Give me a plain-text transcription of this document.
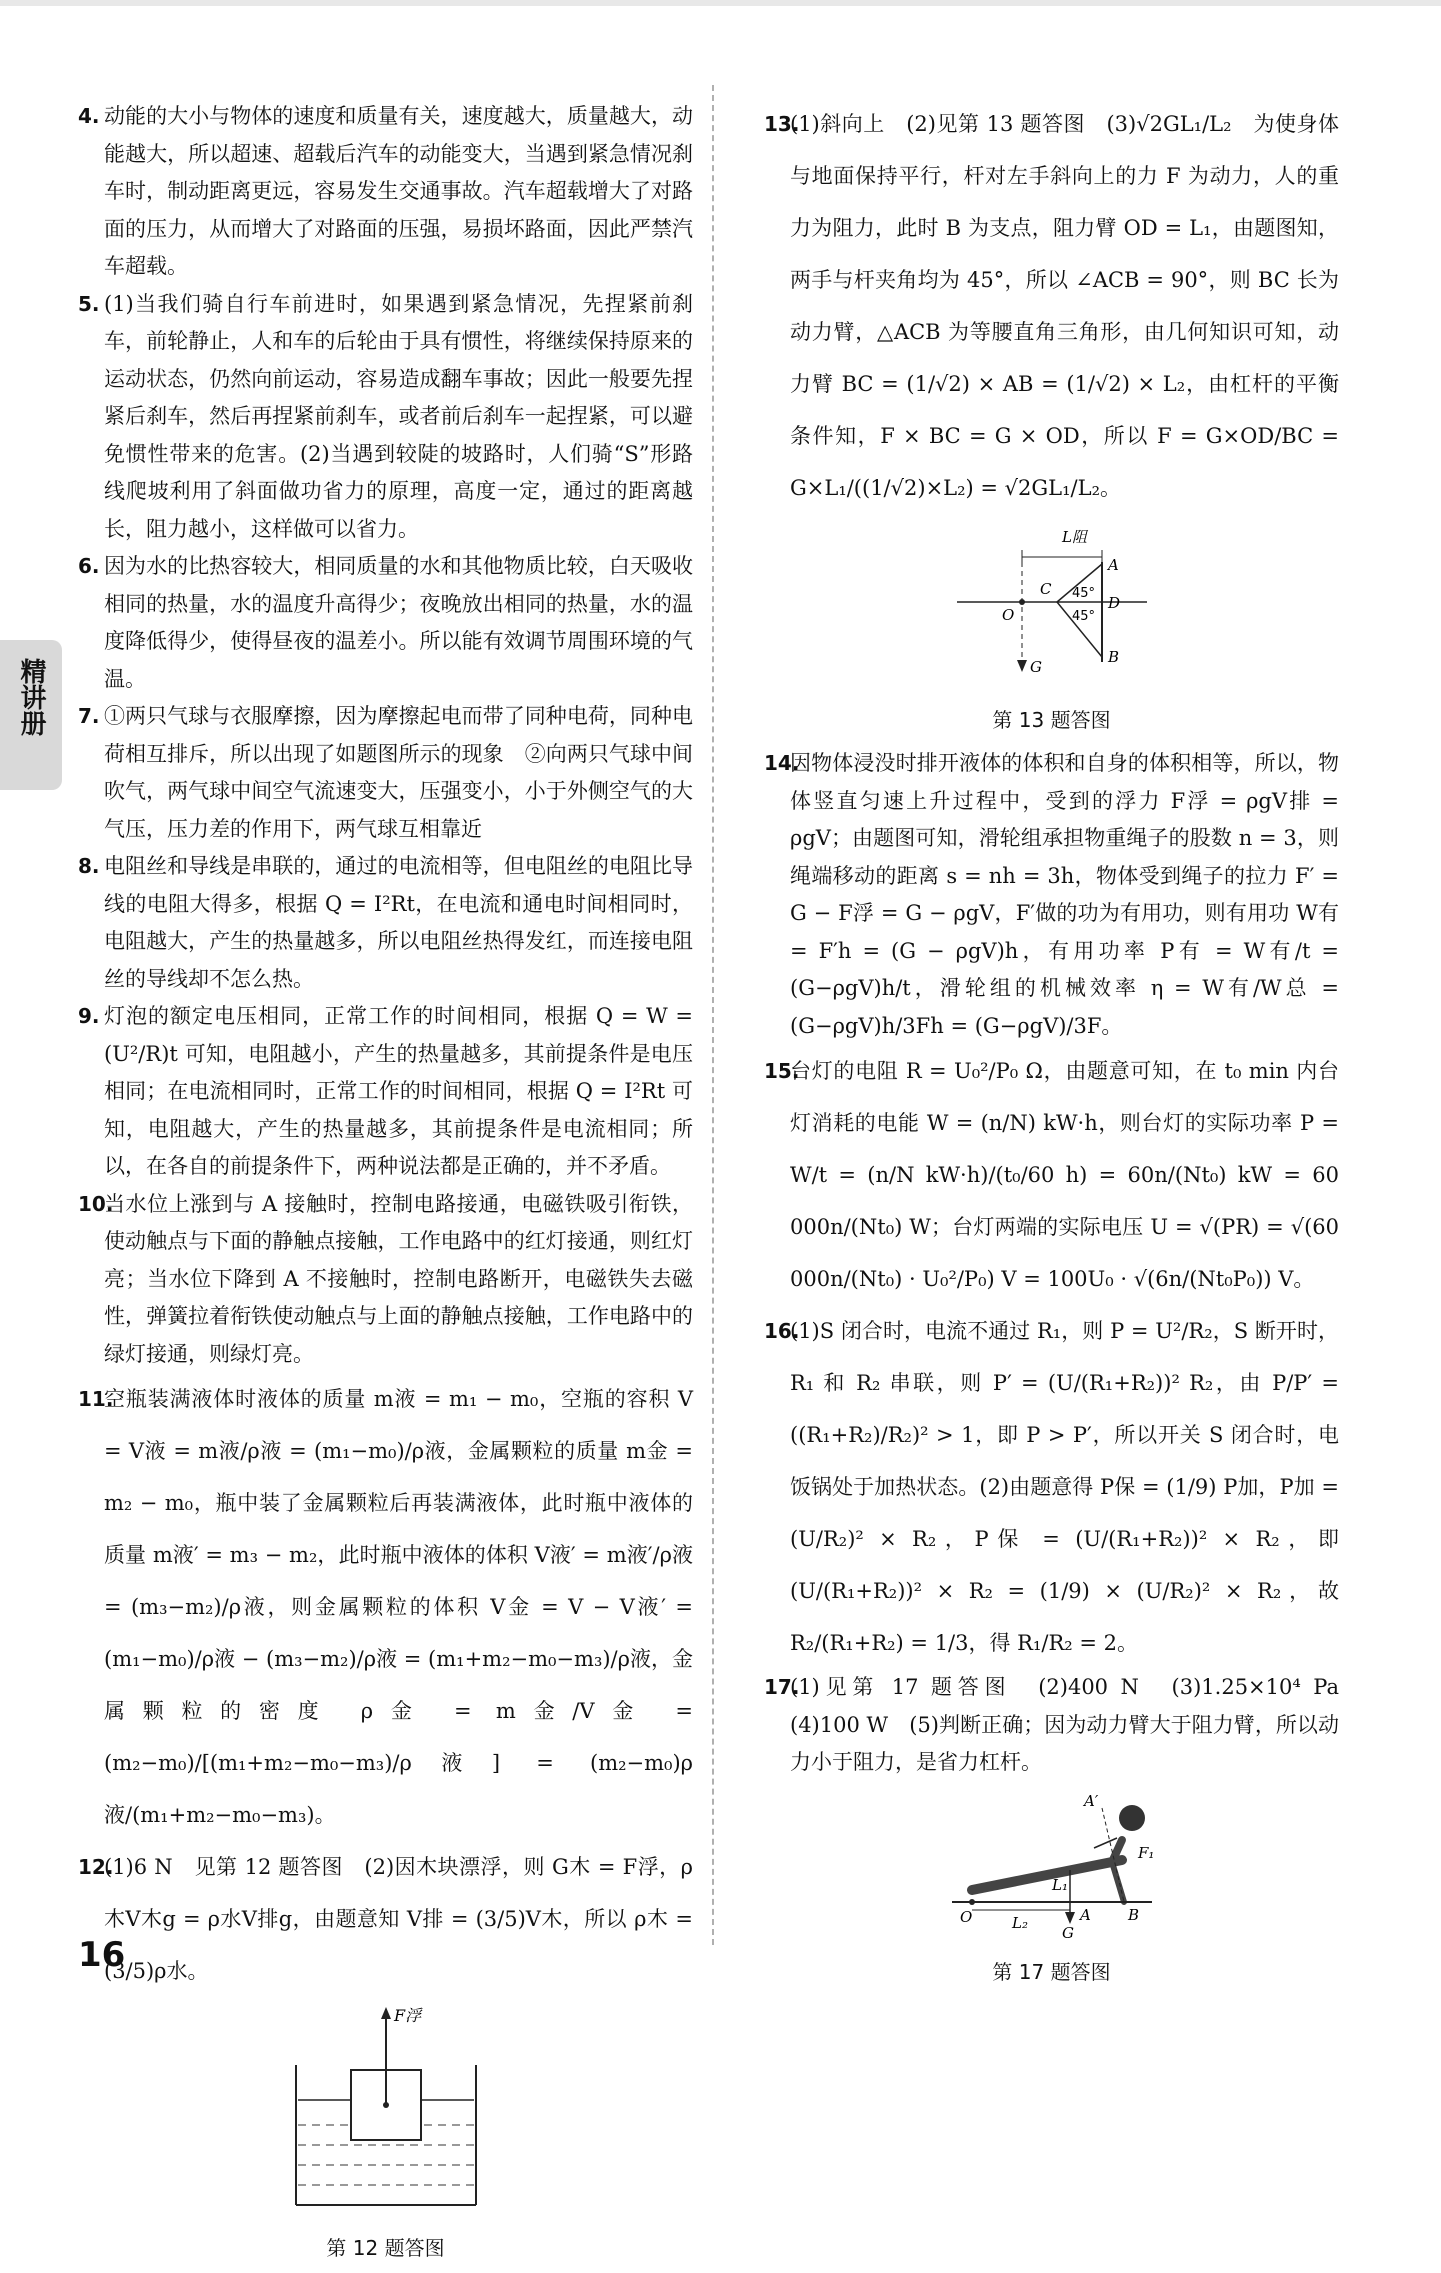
精讲册

4. 动能的大小与物体的速度和质量有关，速度越大，质量越大，动能越大，所以超速、超载后汽车的动能变大，当遇到紧急情况刹车时，制动距离更远，容易发生交通事故。汽车超载增大了对路面的压力，从而增大了对路面的压强，易损坏路面，因此严禁汽车超载。

5. (1)当我们骑自行车前进时，如果遇到紧急情况，先捏紧前刹车，前轮静止，人和车的后轮由于具有惯性，将继续保持原来的运动状态，仍然向前运动，容易造成翻车事故；因此一般要先捏紧后刹车，然后再捏紧前刹车，或者前后刹车一起捏紧，可以避免惯性带来的危害。(2)当遇到较陡的坡路时，人们骑“S”形路线爬坡利用了斜面做功省力的原理，高度一定，通过的距离越长，阻力越小，这样做可以省力。

6. 因为水的比热容较大，相同质量的水和其他物质比较，白天吸收相同的热量，水的温度升高得少；夜晚放出相同的热量，水的温度降低得少，使得昼夜的温差小。所以能有效调节周围环境的气温。

7. ①两只气球与衣服摩擦，因为摩擦起电而带了同种电荷，同种电荷相互排斥，所以出现了如题图所示的现象　②向两只气球中间吹气，两气球中间空气流速变大，压强变小，小于外侧空气的大气压，压力差的作用下，两气球互相靠近

8. 电阻丝和导线是串联的，通过的电流相等，但电阻丝的电阻比导线的电阻大得多，根据 Q = I²Rt，在电流和通电时间相同时，电阻越大，产生的热量越多，所以电阻丝热得发红，而连接电阻丝的导线却不怎么热。

9. 灯泡的额定电压相同，正常工作的时间相同，根据 Q = W = (U²/R)t 可知，电阻越小，产生的热量越多，其前提条件是电压相同；在电流相同时，正常工作的时间相同，根据 Q = I²Rt 可知，电阻越大，产生的热量越多，其前提条件是电流相同；所以，在各自的前提条件下，两种说法都是正确的，并不矛盾。

10.
当水位上涨到与 A 接触时，控制电路接通，电磁铁吸引衔铁，使动触点与下面的静触点接触，工作电路中的红灯接通，则红灯亮；当水位下降到 A 不接触时，控制电路断开，电磁铁失去磁性，弹簧拉着衔铁使动触点与上面的静触点接触，工作电路中的绿灯接通，则绿灯亮。

11.
空瓶装满液体时液体的质量 m液 = m₁ − m₀，空瓶的容积 V = V液 = m液/ρ液 = (m₁−m₀)/ρ液，金属颗粒的质量 m金 = m₂ − m₀，瓶中装了金属颗粒后再装满液体，此时瓶中液体的质量 m液′ = m₃ − m₂，此时瓶中液体的体积 V液′ = m液′/ρ液 = (m₃−m₂)/ρ液，则金属颗粒的体积 V金 = V − V液′ = (m₁−m₀)/ρ液 − (m₃−m₂)/ρ液 = (m₁+m₂−m₀−m₃)/ρ液，金属颗粒的密度 ρ金 = m金/V金 = (m₂−m₀)/[(m₁+m₂−m₀−m₃)/ρ液] = (m₂−m₀)ρ液/(m₁+m₂−m₀−m₃)。

12.
(1)6 N　见第 12 题答图　(2)因木块漂浮，则 G木 = F浮，ρ木V木g = ρ水V排g，由题意知 V排 = (3/5)V木，所以 ρ木 = (3/5)ρ水。

F浮
第 12 题答图

13.
(1)斜向上　(2)见第 13 题答图　(3)√2GL₁/L₂　为使身体与地面保持平行，杆对左手斜向上的力 F 为动力，人的重力为阻力，此时 B 为支点，阻力臂 OD = L₁，由题图知，两手与杆夹角均为 45°，所以 ∠ACB = 90°，则 BC 长为动力臂，△ACB 为等腰直角三角形，由几何知识可知，动力臂 BC = (1/√2) × AB = (1/√2) × L₂，由杠杆的平衡条件知，F × BC = G × OD，所以 F = G×OD/BC = G×L₁/((1/√2)×L₂) = √2GL₁/L₂。

L阻
A
B
C
D
O
G
45°
45°
第 13 题答图

14.
因物体浸没时排开液体的体积和自身的体积相等，所以，物体竖直匀速上升过程中，受到的浮力 F浮 = ρgV排 = ρgV；由题图可知，滑轮组承担物重绳子的股数 n = 3，则绳端移动的距离 s = nh = 3h，物体受到绳子的拉力 F′ = G − F浮 = G − ρgV，F′做的功为有用功，则有用功 W有 = F′h = (G − ρgV)h，有用功率 P有 = W有/t = (G−ρgV)h/t，滑轮组的机械效率 η = W有/W总 = (G−ρgV)h/3Fh = (G−ρgV)/3F。

15.
台灯的电阻 R = U₀²/P₀ Ω，由题意可知，在 t₀ min 内台灯消耗的电能 W = (n/N) kW·h，则台灯的实际功率 P = W/t = (n/N kW·h)/(t₀/60 h) = 60n/(Nt₀) kW = 60 000n/(Nt₀) W；台灯两端的实际电压 U = √(PR) = √(60 000n/(Nt₀) · U₀²/P₀) V = 100U₀ · √(6n/(Nt₀P₀)) V。

16.
(1)S 闭合时，电流不通过 R₁，则 P = U²/R₂，S 断开时，R₁ 和 R₂ 串联，则 P′ = (U/(R₁+R₂))² R₂，由 P/P′ = ((R₁+R₂)/R₂)² > 1，即 P > P′，所以开关 S 闭合时，电饭锅处于加热状态。(2)由题意得 P保 = (1/9) P加，P加 = (U/R₂)² × R₂，P保 = (U/(R₁+R₂))² × R₂，即 (U/(R₁+R₂))² × R₂ = (1/9) × (U/R₂)² × R₂，故 R₂/(R₁+R₂) = 1/3，得 R₁/R₂ = 2。

17.
(1)见第 17 题答图　(2)400 N　(3)1.25×10⁴ Pa　(4)100 W　(5)判断正确；因为动力臂大于阻力臂，所以动力小于阻力，是省力杠杆。

A′
F₁
L₁
L₂
O	A B
G
第 17 题答图
16
